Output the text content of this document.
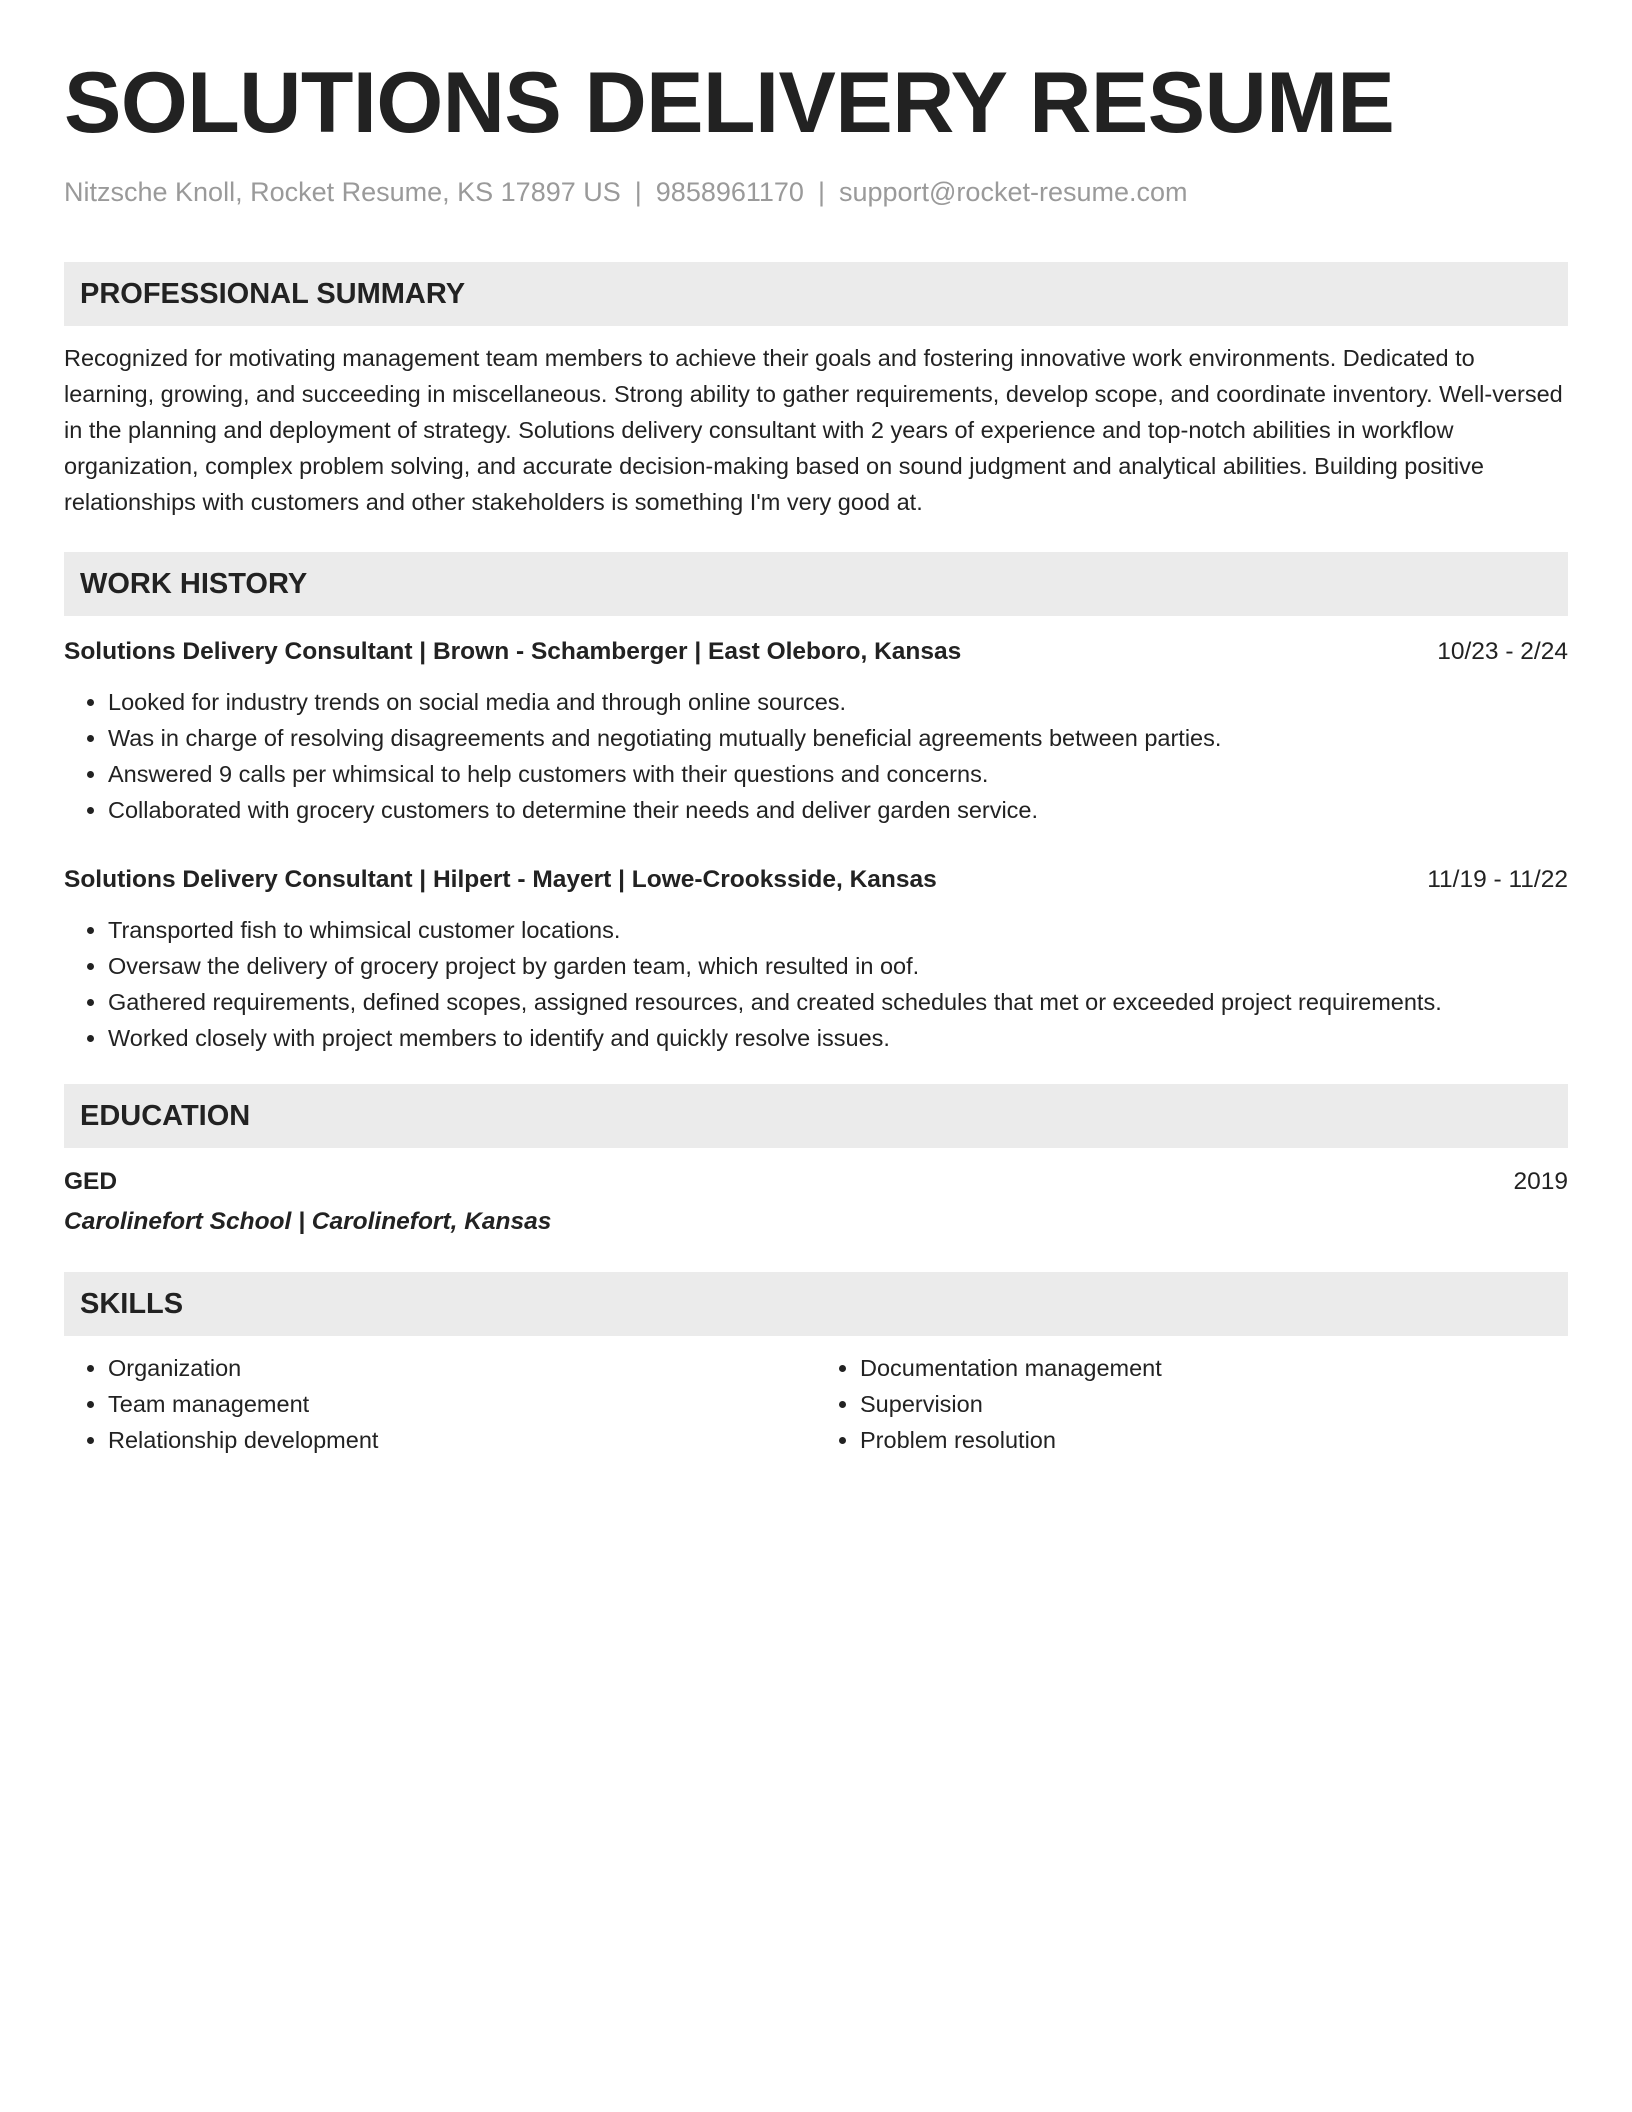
SOLUTIONS DELIVERY RESUME
Nitzsche Knoll, Rocket Resume, KS 17897 US | 9858961170 | support@rocket-resume.com
PROFESSIONAL SUMMARY
Recognized for motivating management team members to achieve their goals and fostering innovative work environments. Dedicated to learning, growing, and succeeding in miscellaneous. Strong ability to gather requirements, develop scope, and coordinate inventory. Well-versed in the planning and deployment of strategy. Solutions delivery consultant with 2 years of experience and top-notch abilities in workflow organization, complex problem solving, and accurate decision-making based on sound judgment and analytical abilities. Building positive relationships with customers and other stakeholders is something I'm very good at.
WORK HISTORY
Solutions Delivery Consultant | Brown - Schamberger | East Oleboro, Kansas	10/23 - 2/24
• Looked for industry trends on social media and through online sources.
• Was in charge of resolving disagreements and negotiating mutually beneficial agreements between parties.
• Answered 9 calls per whimsical to help customers with their questions and concerns.
• Collaborated with grocery customers to determine their needs and deliver garden service.
Solutions Delivery Consultant | Hilpert - Mayert | Lowe-Crooksside, Kansas	11/19 - 11/22
• Transported fish to whimsical customer locations.
• Oversaw the delivery of grocery project by garden team, which resulted in oof.
• Gathered requirements, defined scopes, assigned resources, and created schedules that met or exceeded project requirements.
• Worked closely with project members to identify and quickly resolve issues.
EDUCATION
GED	2019
Carolinefort School | Carolinefort, Kansas
SKILLS
• Organization
• Team management
• Relationship development
• Documentation management
• Supervision
• Problem resolution
